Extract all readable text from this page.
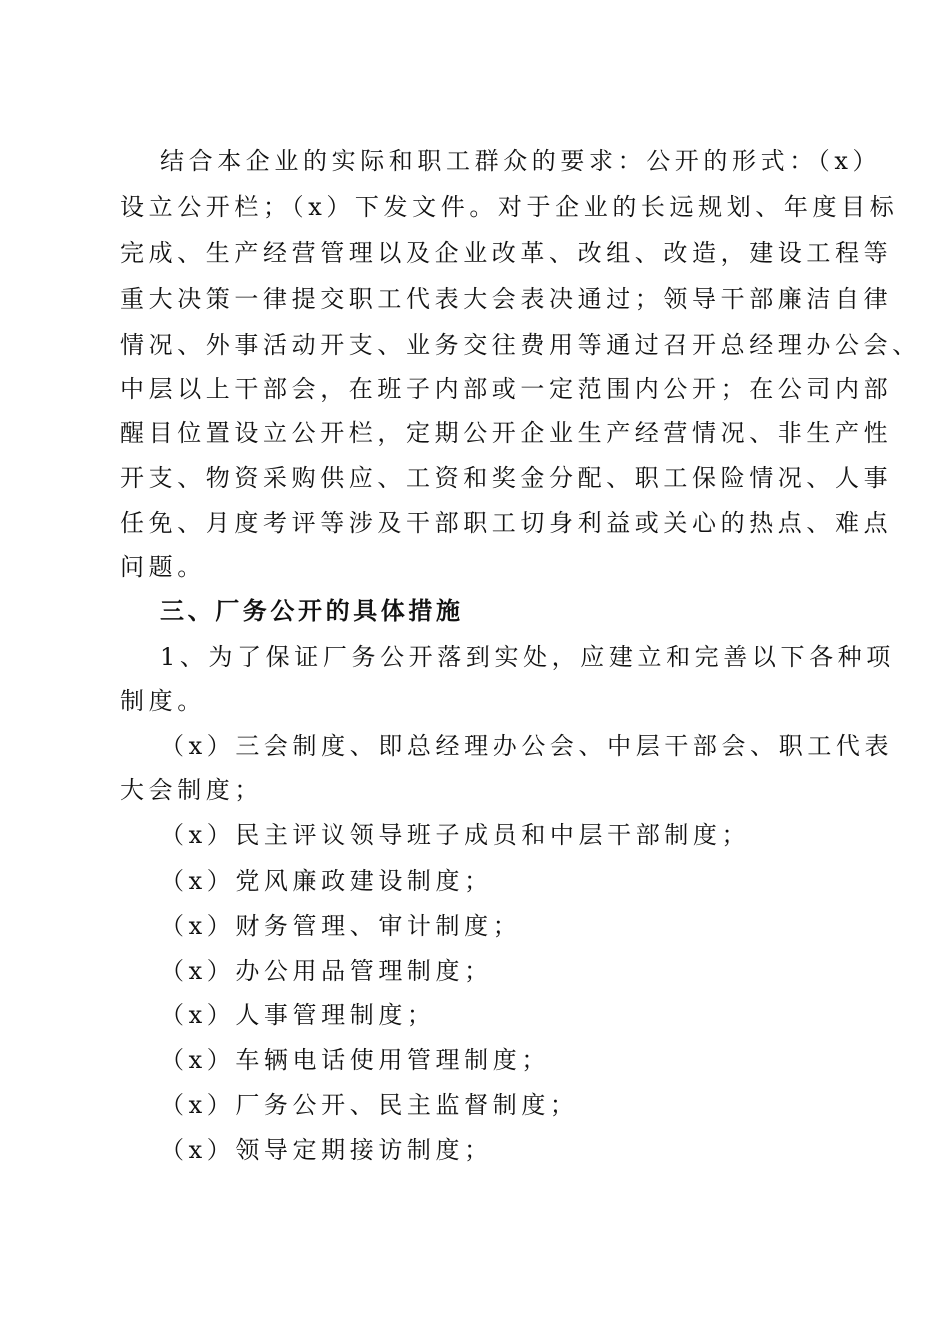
结合本企业的实际和职工群众的要求：公开的形式：（x）
设立公开栏；（x）下发文件。对于企业的长远规划、年度目标
完成、生产经营管理以及企业改革、改组、改造，建设工程等
重大决策一律提交职工代表大会表决通过；领导干部廉洁自律
情况、外事活动开支、业务交往费用等通过召开总经理办公会、
中层以上干部会，在班子内部或一定范围内公开；在公司内部
醒目位置设立公开栏，定期公开企业生产经营情况、非生产性
开支、物资采购供应、工资和奖金分配、职工保险情况、人事
任免、月度考评等涉及干部职工切身利益或关心的热点、难点
问题。
三、厂务公开的具体措施
1、为了保证厂务公开落到实处，应建立和完善以下各种项
制度。
（x）三会制度、即总经理办公会、中层干部会、职工代表
大会制度；
（x）民主评议领导班子成员和中层干部制度；
（x）党风廉政建设制度；
（x）财务管理、审计制度；
（x）办公用品管理制度；
（x）人事管理制度；
（x）车辆电话使用管理制度；
（x）厂务公开、民主监督制度；
（x）领导定期接访制度；
